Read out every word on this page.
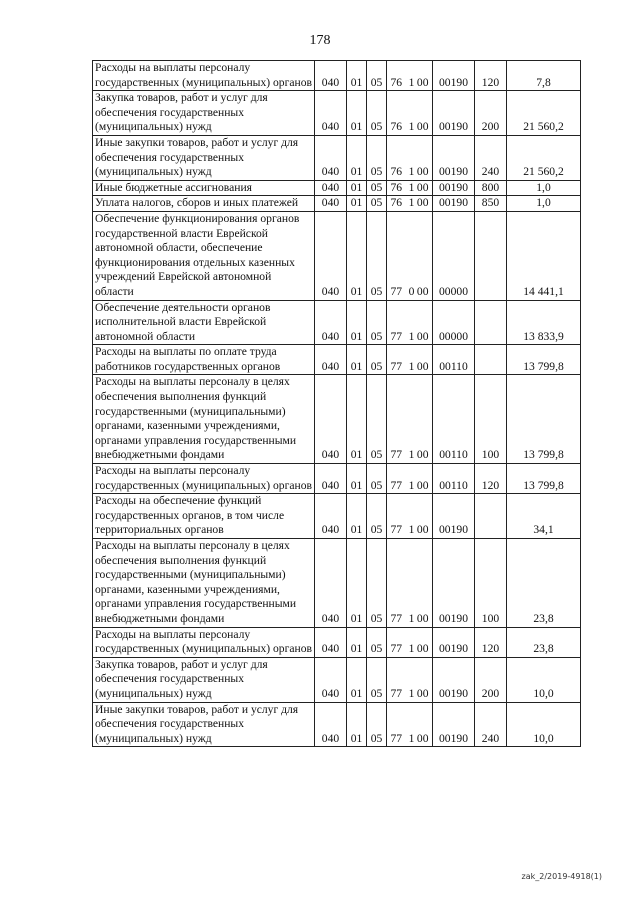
178
Расходы на выплаты персоналу государственных (муниципальных) органов	040	01	05	76 1 00	00190	120	7,8
Закупка товаров, работ и услуг для обеспечения государственных (муниципальных) нужд	040	01	05	76 1 00	00190	200	21 560,2
Иные закупки товаров, работ и услуг для обеспечения государственных (муниципальных) нужд	040	01	05	76 1 00	00190	240	21 560,2
Иные бюджетные ассигнования	040	01	05	76 1 00	00190	800	1,0
Уплата налогов, сборов и иных платежей	040	01	05	76 1 00	00190	850	1,0
Обеспечение функционирования органов государственной власти Еврейской автономной области, обеспечение функционирования отдельных казенных учреждений Еврейской автономной области	040	01	05	77 0 00	00000		14 441,1
Обеспечение деятельности органов исполнительной власти Еврейской автономной области	040	01	05	77 1 00	00000		13 833,9
Расходы на выплаты по оплате труда работников государственных органов	040	01	05	77 1 00	00110		13 799,8
Расходы на выплаты персоналу в целях обеспечения выполнения функций государственными (муниципальными) органами, казенными учреждениями, органами управления государственными внебюджетными фондами	040	01	05	77 1 00	00110	100	13 799,8
Расходы на выплаты персоналу государственных (муниципальных) органов	040	01	05	77 1 00	00110	120	13 799,8
Расходы на обеспечение функций государственных органов, в том числе территориальных органов	040	01	05	77 1 00	00190		34,1
Расходы на выплаты персоналу в целях обеспечения выполнения функций государственными (муниципальными) органами, казенными учреждениями, органами управления государственными внебюджетными фондами	040	01	05	77 1 00	00190	100	23,8
Расходы на выплаты персоналу государственных (муниципальных) органов	040	01	05	77 1 00	00190	120	23,8
Закупка товаров, работ и услуг для обеспечения государственных (муниципальных) нужд	040	01	05	77 1 00	00190	200	10,0
Иные закупки товаров, работ и услуг для обеспечения государственных (муниципальных) нужд	040	01	05	77 1 00	00190	240	10,0
zak_2/2019-4918(1)
